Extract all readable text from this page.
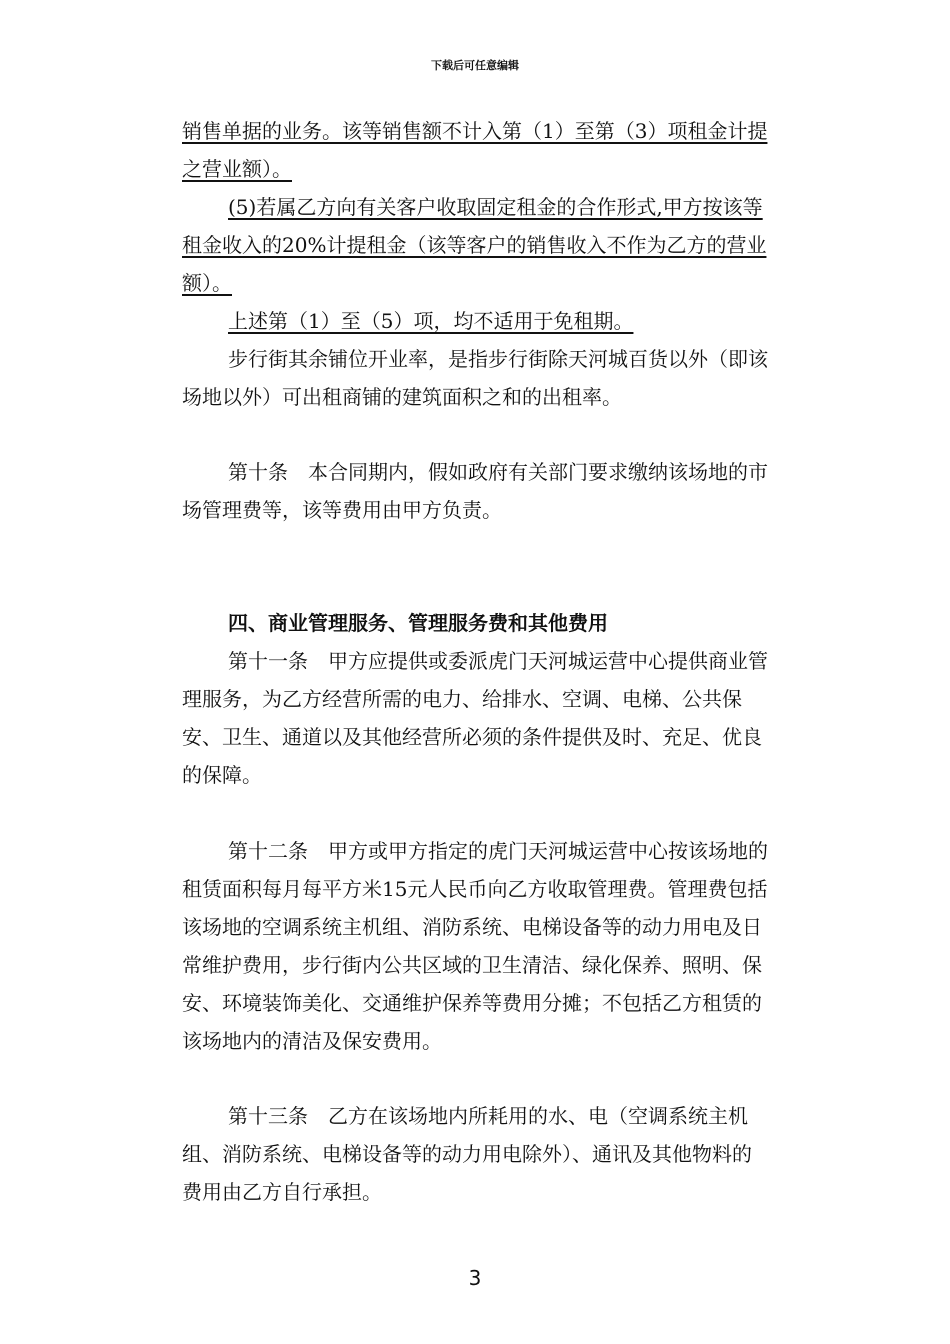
下载后可任意编辑
销售单据的业务。该等销售额不计入第（1）至第（3）项租金计提
之营业额）。
(5)若属乙方向有关客户收取固定租金的合作形式,甲方按该等
租金收入的20%计提租金（该等客户的销售收入不作为乙方的营业
额）。
上述第（1）至（5）项，均不适用于免租期。
步行街其余铺位开业率，是指步行街除天河城百货以外（即该
场地以外）可出租商铺的建筑面积之和的出租率。
第十条　本合同期内，假如政府有关部门要求缴纳该场地的市
场管理费等，该等费用由甲方负责。
四、商业管理服务、管理服务费和其他费用
第十一条　甲方应提供或委派虎门天河城运营中心提供商业管
理服务，为乙方经营所需的电力、给排水、空调、电梯、公共保
安、卫生、通道以及其他经营所必须的条件提供及时、充足、优良
的保障。
第十二条　甲方或甲方指定的虎门天河城运营中心按该场地的
租赁面积每月每平方米15元人民币向乙方收取管理费。管理费包括
该场地的空调系统主机组、消防系统、电梯设备等的动力用电及日
常维护费用，步行街内公共区域的卫生清洁、绿化保养、照明、保
安、环境装饰美化、交通维护保养等费用分摊；不包括乙方租赁的
该场地内的清洁及保安费用。
第十三条　乙方在该场地内所耗用的水、电（空调系统主机
组、消防系统、电梯设备等的动力用电除外）、通讯及其他物料的
费用由乙方自行承担。
3
